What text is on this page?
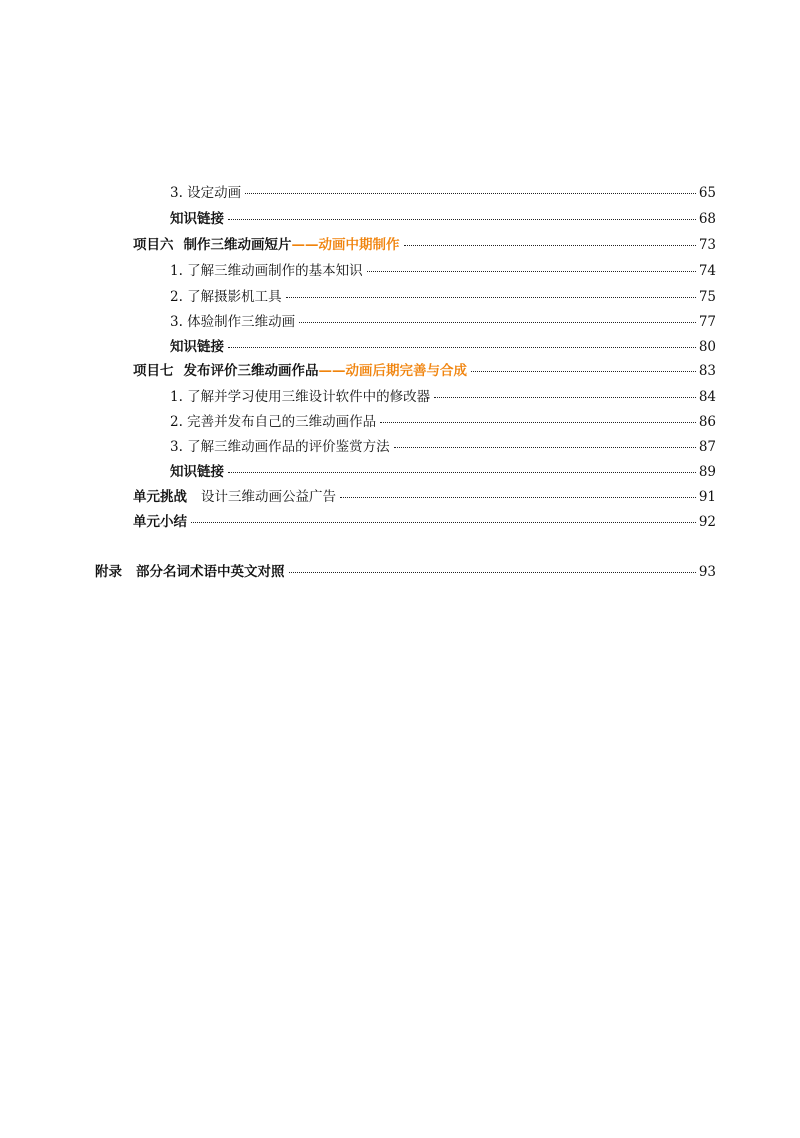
3. 设定动画	65
知识链接	68
项目六 制作三维动画短片——动画中期制作	73
1. 了解三维动画制作的基本知识	74
2. 了解摄影机工具	75
3. 体验制作三维动画	77
知识链接	80
项目七 发布评价三维动画作品——动画后期完善与合成	83
1. 了解并学习使用三维设计软件中的修改器	84
2. 完善并发布自己的三维动画作品	86
3. 了解三维动画作品的评价鉴赏方法	87
知识链接	89
单元挑战 设计三维动画公益广告	91
单元小结	92
附录 部分名词术语中英文对照	93
